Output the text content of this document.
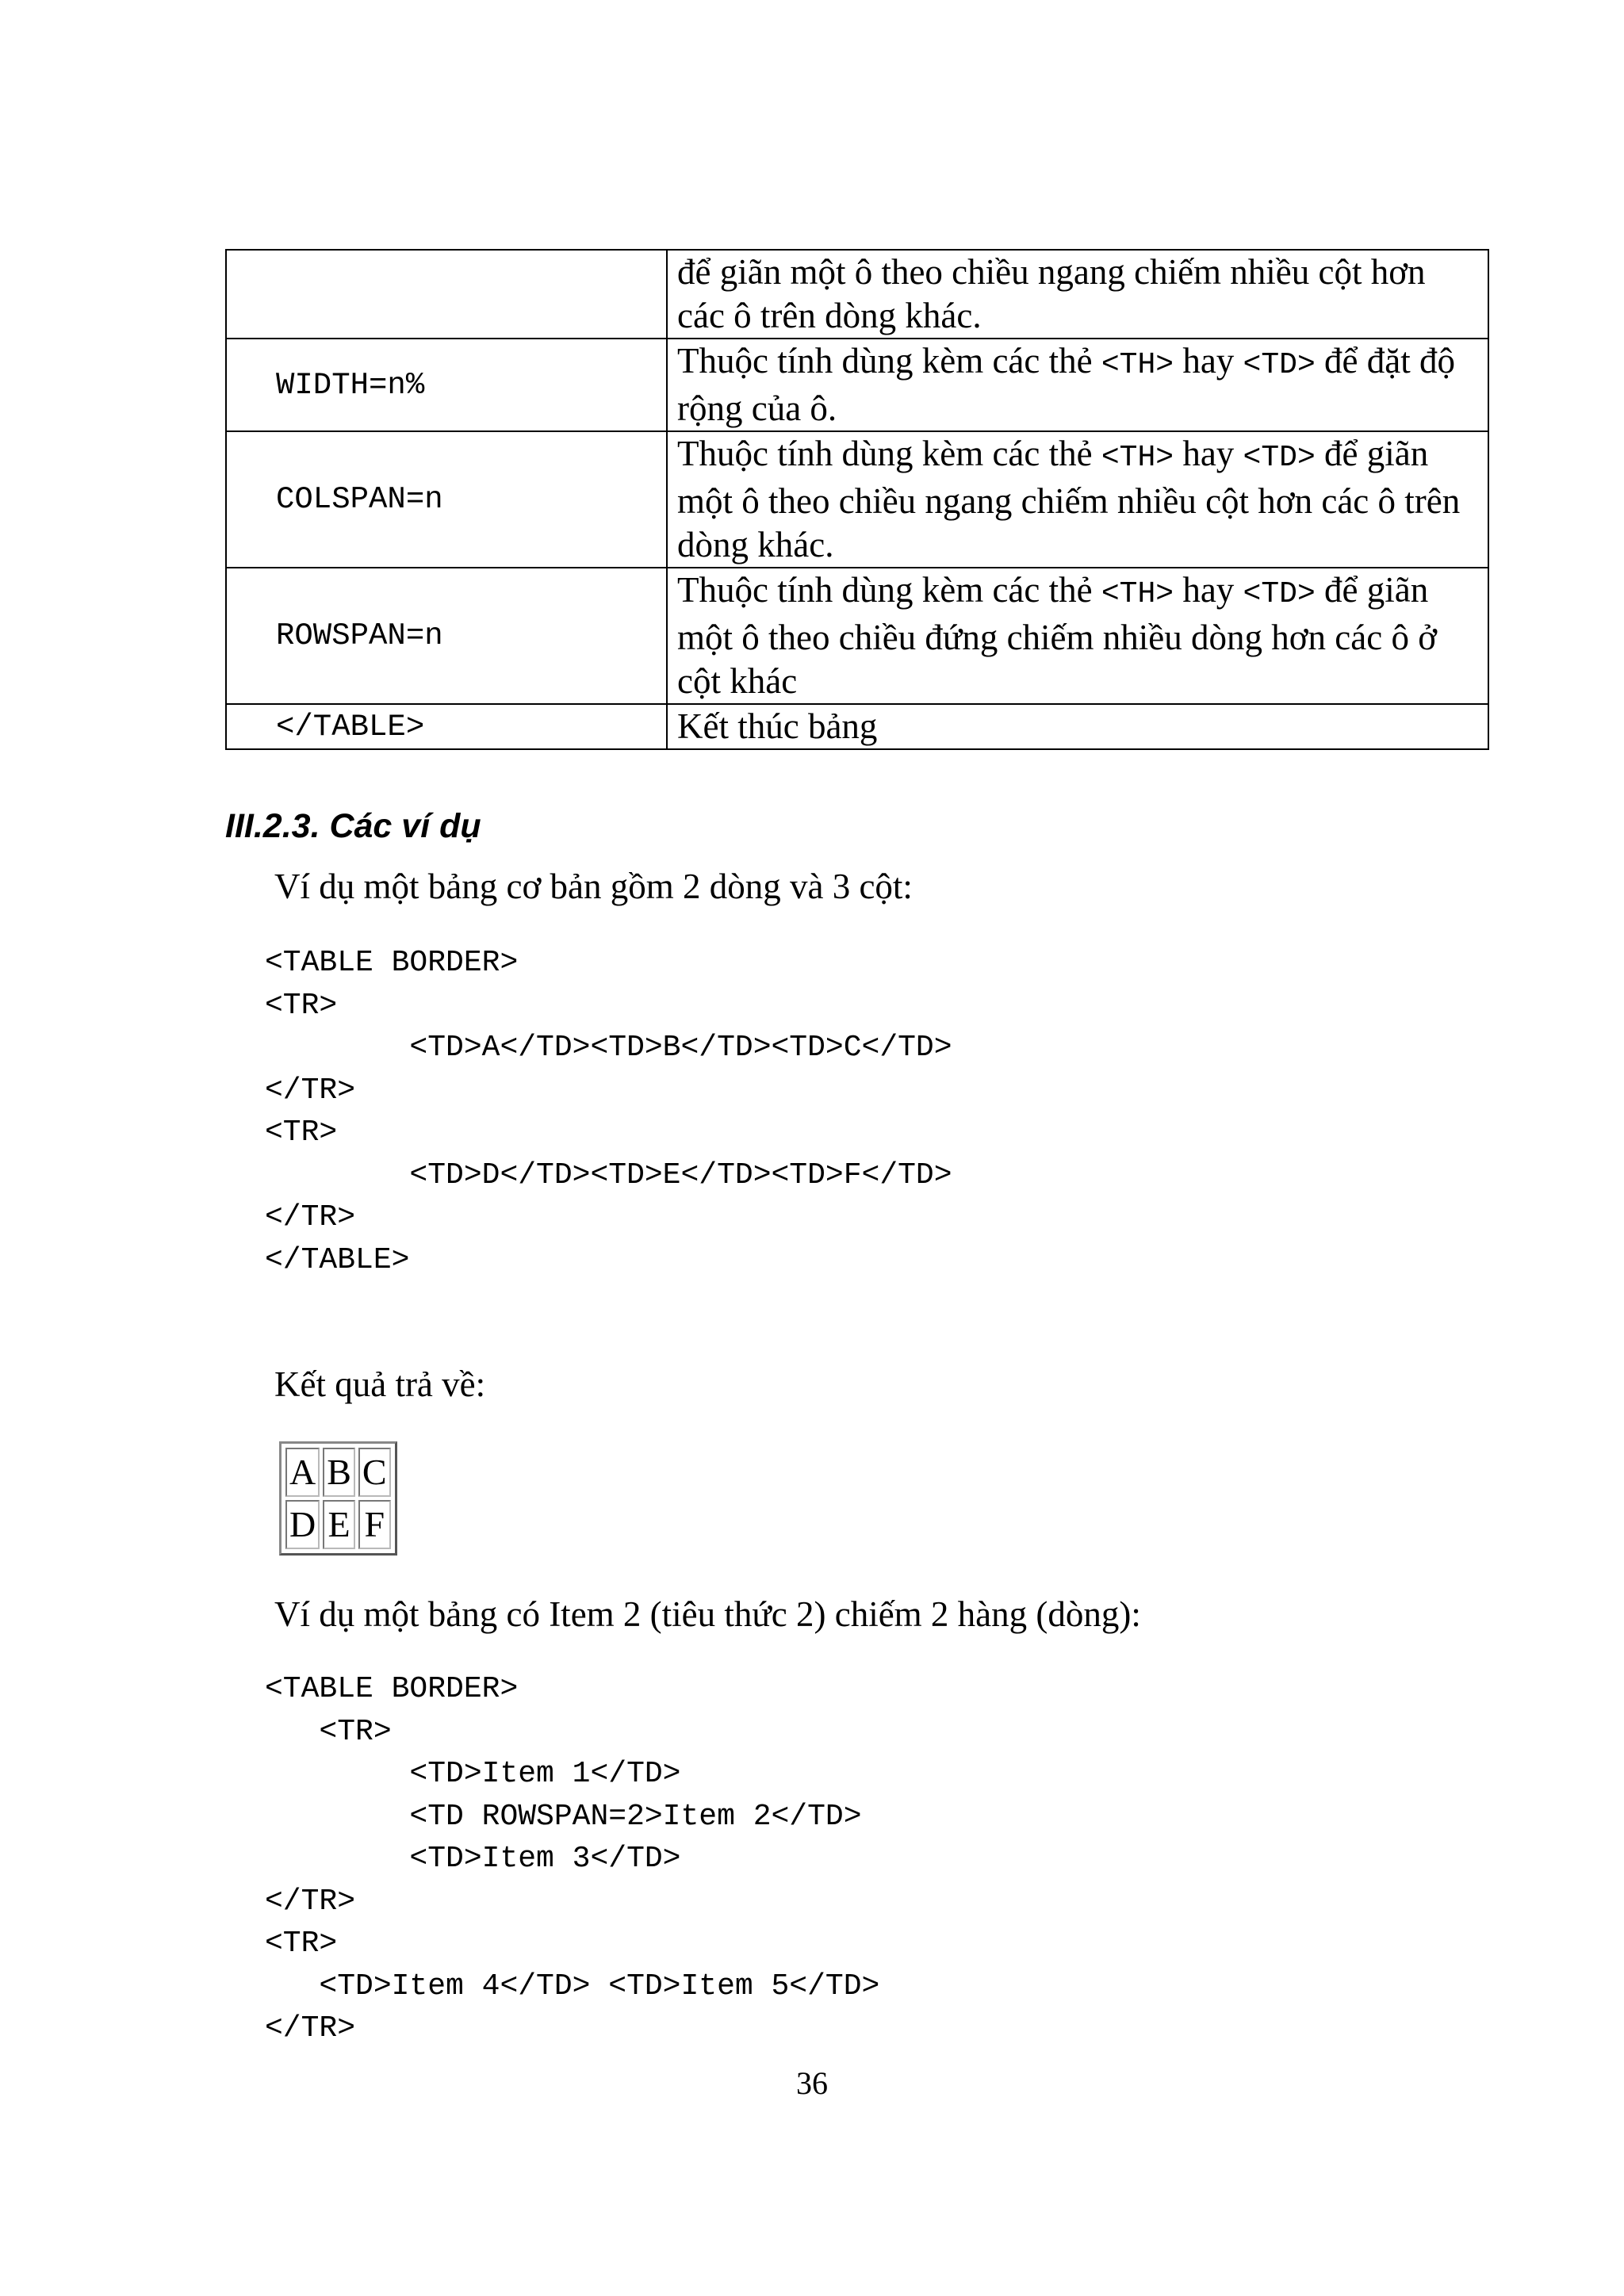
	để giãn một ô theo chiều ngang chiếm nhiều cột hơn các ô trên dòng khác.
WIDTH=n%	Thuộc tính dùng kèm các thẻ <TH> hay <TD> để đặt độ rộng của ô.
COLSPAN=n	Thuộc tính dùng kèm các thẻ <TH> hay <TD> để giãn một ô theo chiều ngang chiếm nhiều cột hơn các ô trên dòng khác.
ROWSPAN=n	Thuộc tính dùng kèm các thẻ <TH> hay <TD> để giãn một ô theo chiều đứng chiếm nhiều dòng hơn các ô ở cột khác
</TABLE>	Kết thúc bảng
III.2.3. Các ví dụ

Ví dụ một bảng cơ bản gồm 2 dòng và 3 cột:

<TABLE BORDER>
<TR>
<TD>A</TD><TD>B</TD><TD>C</TD>
</TR>
<TR>
<TD>D</TD><TD>E</TD><TD>F</TD>
</TR>
</TABLE>

Kết quả trả về:

A	B	C
D	E	F

Ví dụ một bảng có Item 2 (tiêu thức 2) chiếm 2 hàng (dòng):

<TABLE BORDER>
<TR>
<TD>Item 1</TD>
<TD ROWSPAN=2>Item 2</TD>
<TD>Item 3</TD>
</TR>
<TR>
<TD>Item 4</TD> <TD>Item 5</TD>
</TR>

36
